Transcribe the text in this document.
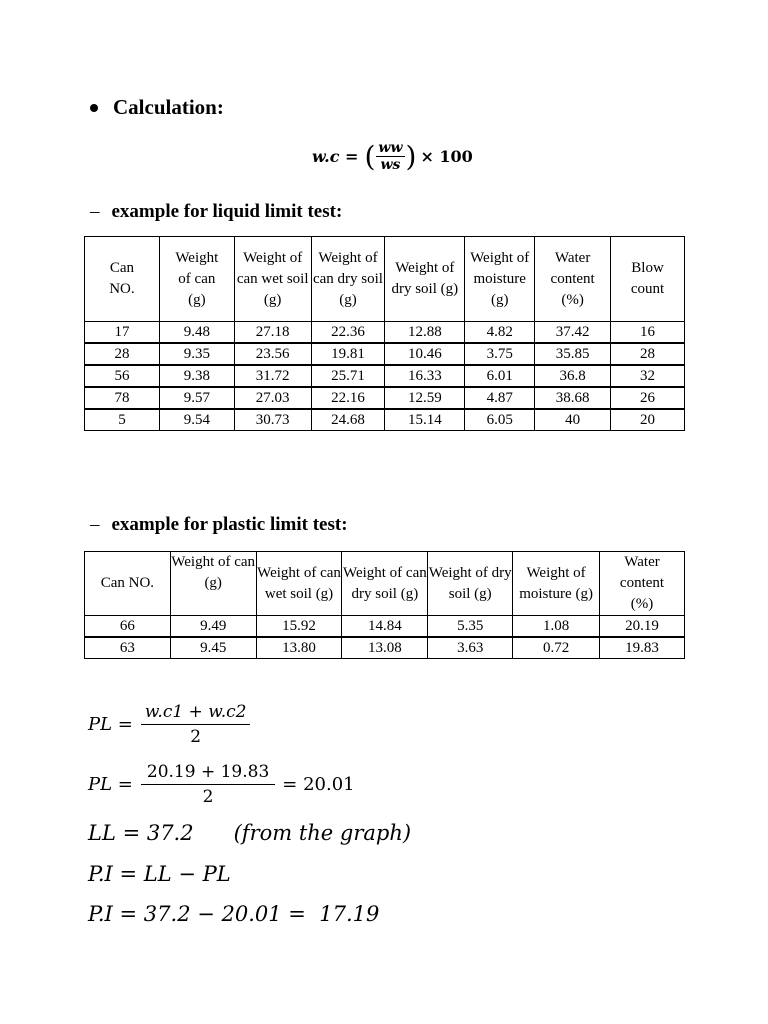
Calculation:
w.c = ( $\frac{ww}{ws}$ ) × 100
– example for liquid limit test:
Can NO.	Weight of can (g)	Weight of can wet soil (g)	Weight of can dry soil (g)	Weight of dry soil (g)	Weight of moisture (g)	Water content (%)	Blow count
17	9.48	27.18	22.36	12.88	4.82	37.42	16
28	9.35	23.56	19.81	10.46	3.75	35.85	28
56	9.38	31.72	25.71	16.33	6.01	36.8	32
78	9.57	27.03	22.16	12.59	4.87	38.68	26
5	9.54	30.73	24.68	15.14	6.05	40	20
– example for plastic limit test:
Can NO.	Weight of can (g)	Weight of can wet soil (g)	Weight of can dry soil (g)	Weight of dry soil (g)	Weight of moisture (g)	Water content (%)
66	9.49	15.92	14.84	5.35	1.08	20.19
63	9.45	13.80	13.08	3.63	0.72	19.83
PL = $\frac{w.c1 + w.c2}{2}$
PL = $\frac{20.19 + 19.83}{2} = 20.01$
LL = 37.2 (from the graph)
P.I = LL − PL
P.I = 37.2 − 20.01 =  17.19
